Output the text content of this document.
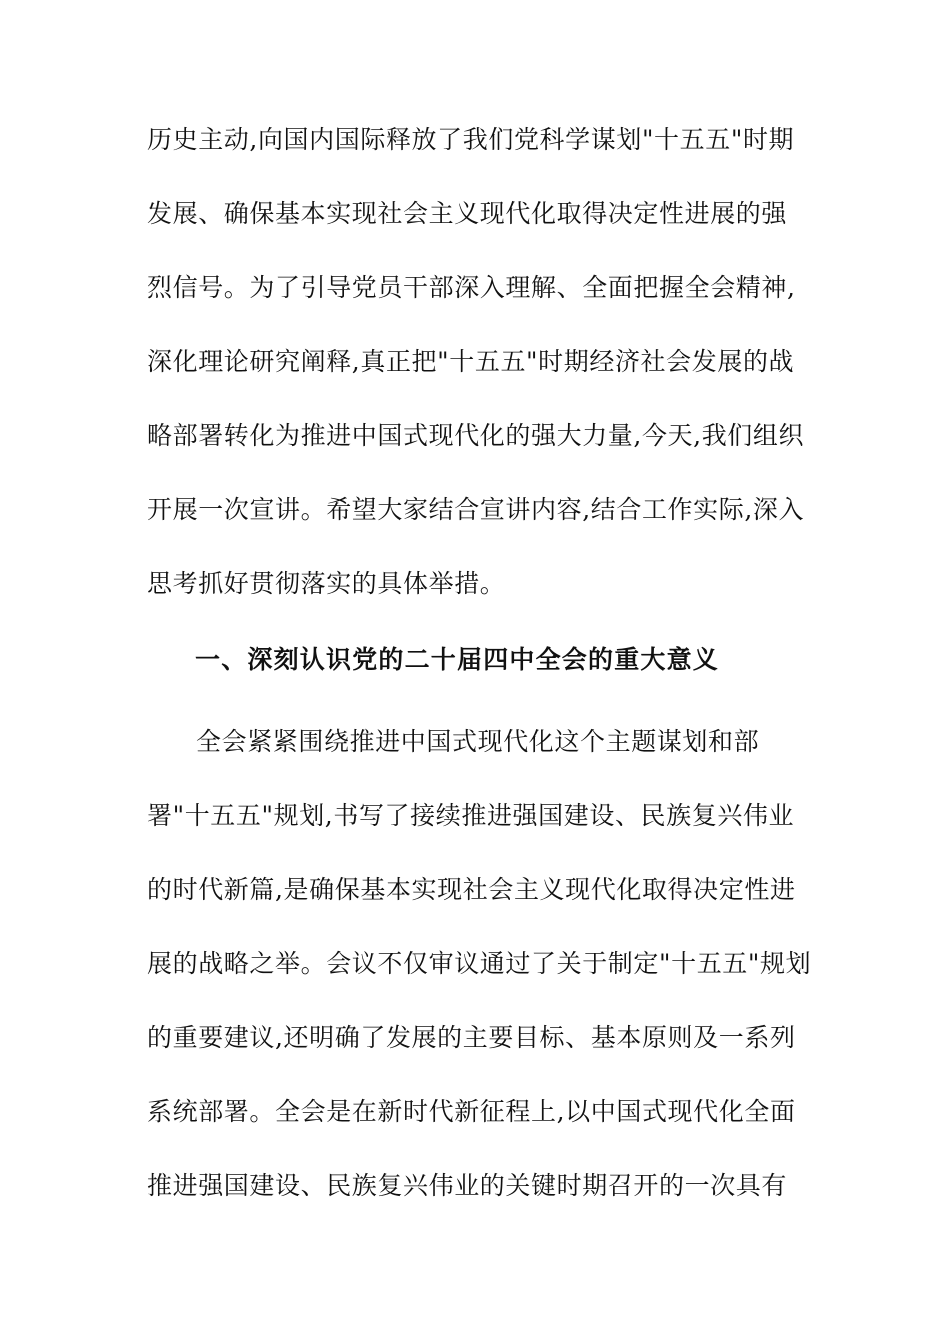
历史主动,向国内国际释放了我们党科学谋划"十五五"时期
发展、确保基本实现社会主义现代化取得决定性进展的强
烈信号。为了引导党员干部深入理解、全面把握全会精神,
深化理论研究阐释,真正把"十五五"时期经济社会发展的战
略部署转化为推进中国式现代化的强大力量,今天,我们组织
开展一次宣讲。希望大家结合宣讲内容,结合工作实际,深入
思考抓好贯彻落实的具体举措。
一、深刻认识党的二十届四中全会的重大意义
全会紧紧围绕推进中国式现代化这个主题谋划和部
署"十五五"规划,书写了接续推进强国建设、民族复兴伟业
的时代新篇,是确保基本实现社会主义现代化取得决定性进
展的战略之举。会议不仅审议通过了关于制定"十五五"规划
的重要建议,还明确了发展的主要目标、基本原则及一系列
系统部署。全会是在新时代新征程上,以中国式现代化全面
推进强国建设、民族复兴伟业的关键时期召开的一次具有
